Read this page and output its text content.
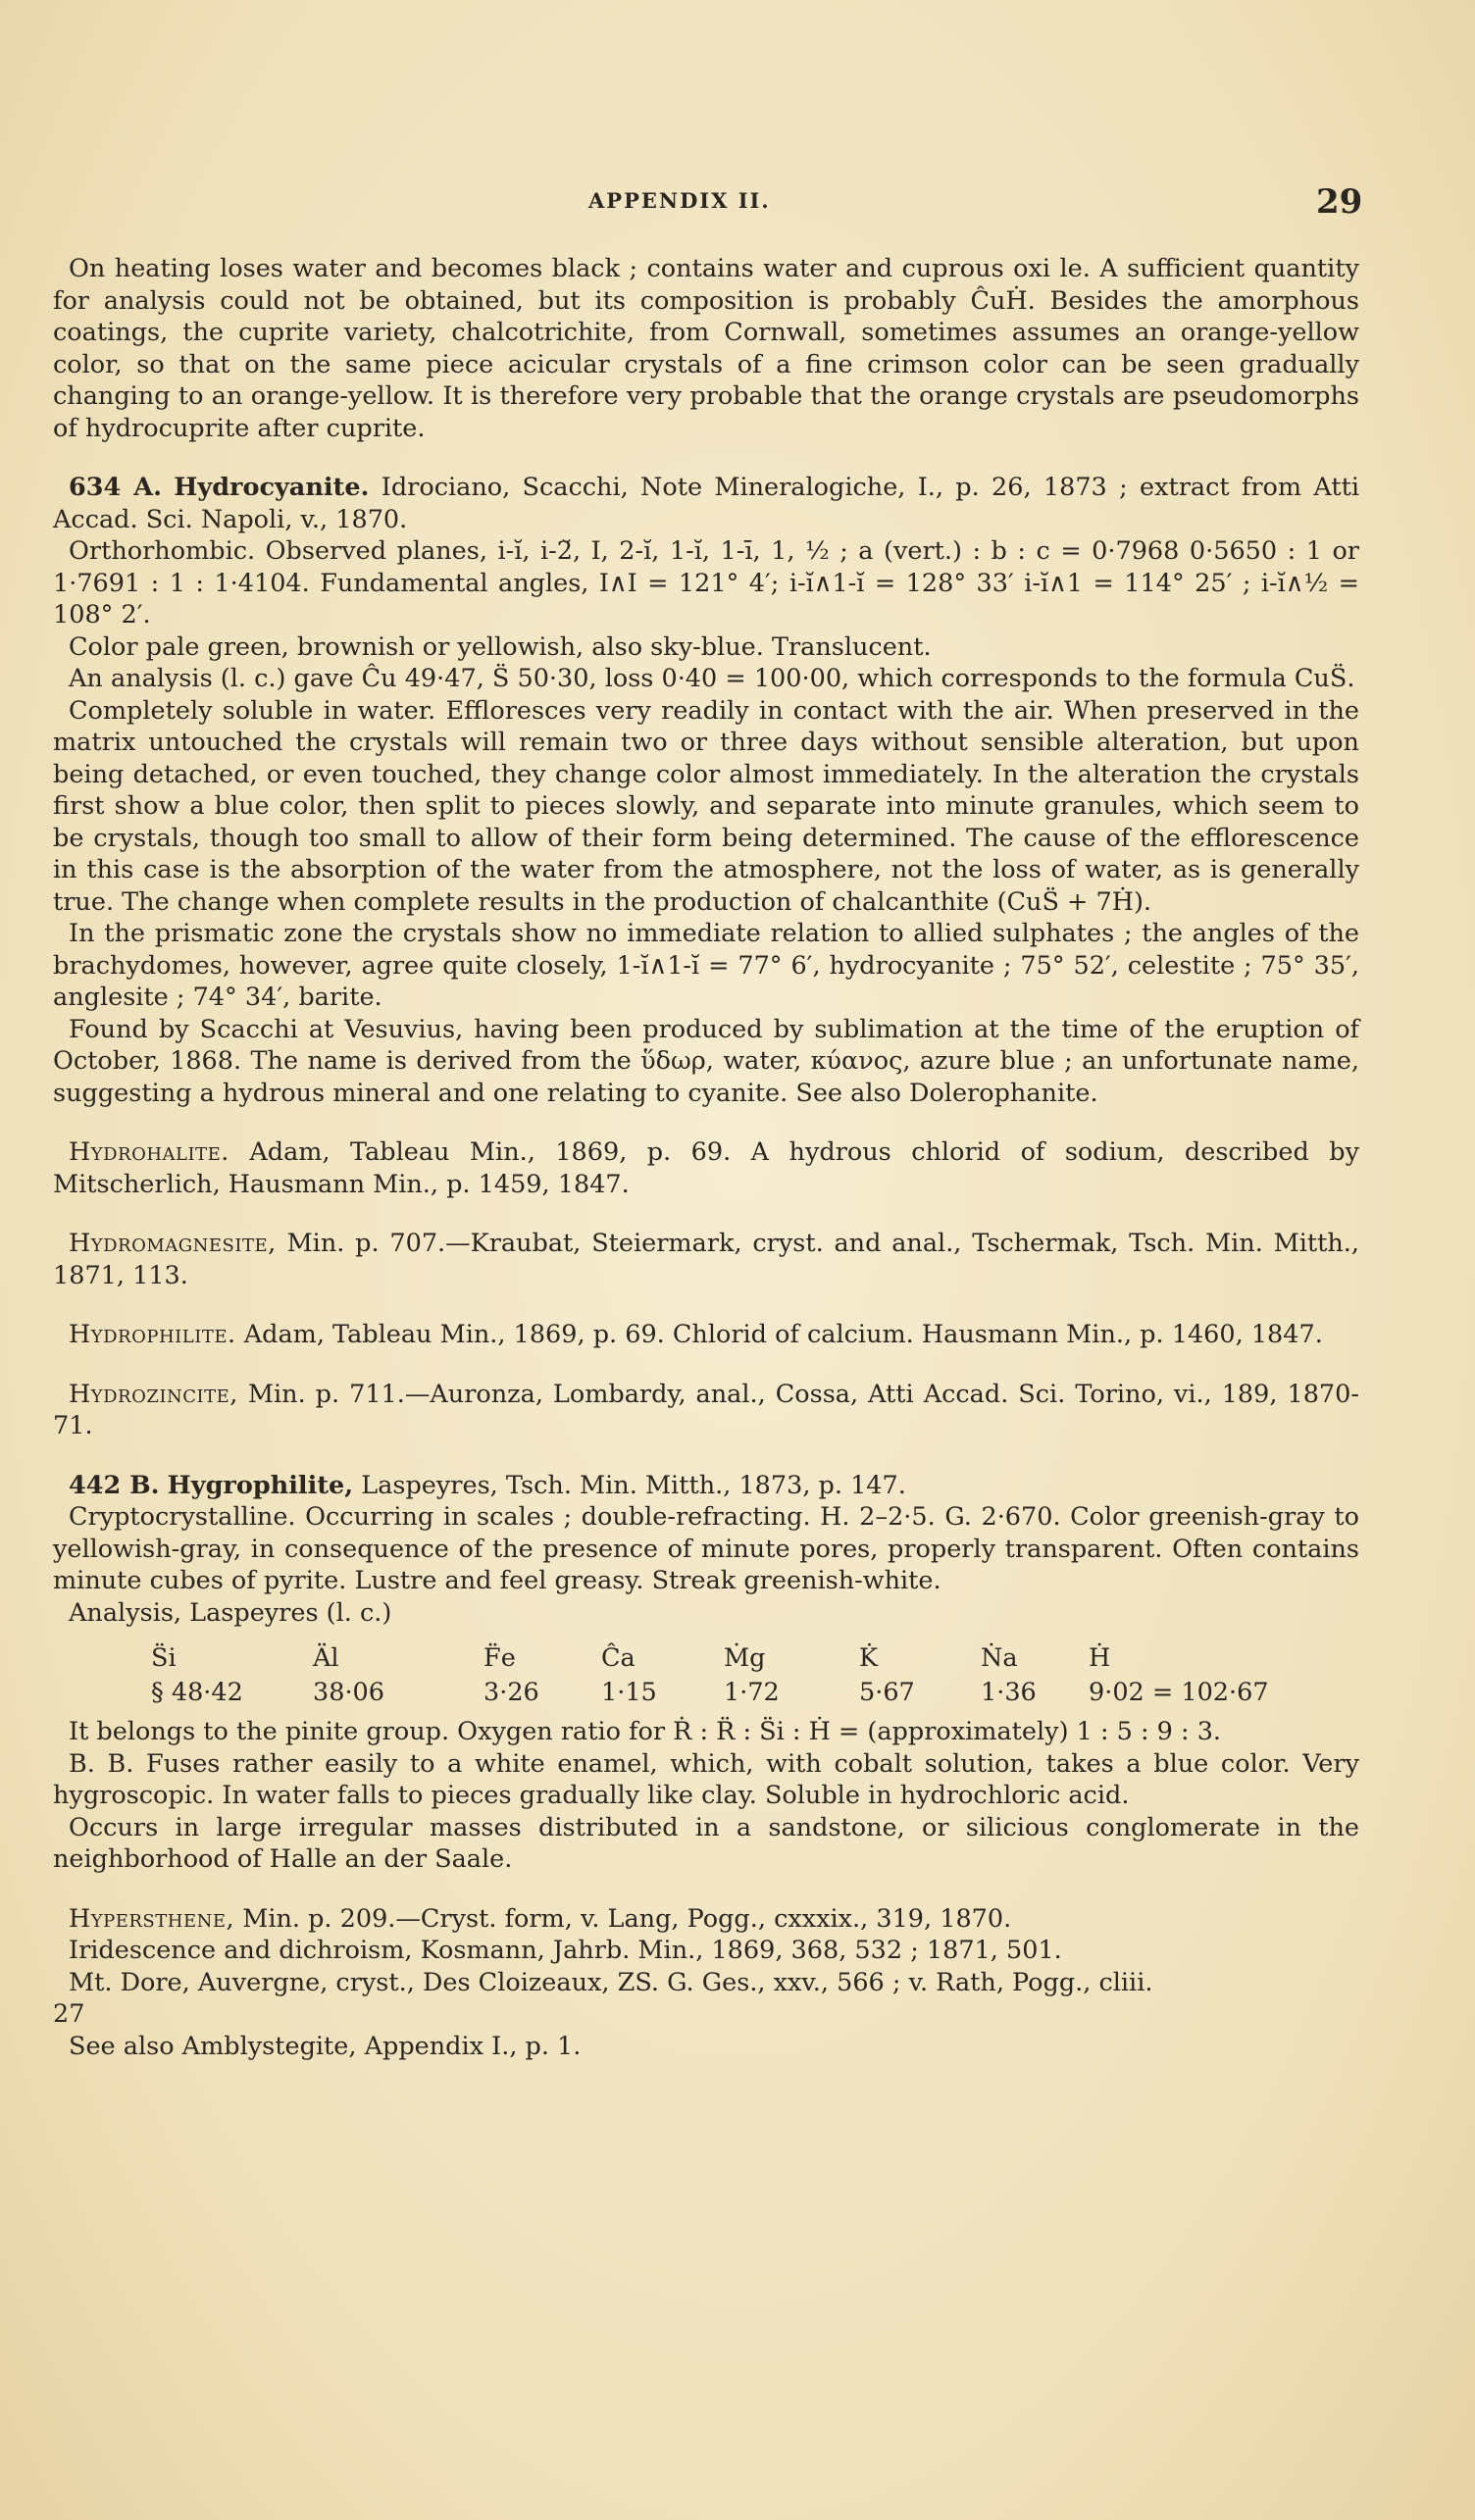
APPENDIX II.	29

On heating loses water and becomes black ; contains water and cuprous oxi le. A sufficient quantity for analysis could not be obtained, but its composition is probably ĈuḢ. Besides the amorphous coatings, the cuprite variety, chalcotrichite, from Cornwall, sometimes assumes an orange-yellow color, so that on the same piece acicular crystals of a fine crimson color can be seen gradually changing to an orange-yellow. It is therefore very probable that the orange crystals are pseudomorphs of hydrocuprite after cuprite.

634 A. Hydrocyanite. Idrociano, Scacchi, Note Mineralogiche, I., p. 26, 1873 ; extract from Atti Accad. Sci. Napoli, v., 1870.

Orthorhombic. Observed planes, i-ĭ, i-2̆, I, 2-ĭ, 1-ĭ, 1-ī, 1, ½ ; a (vert.) : b : c = 0·7968 0·5650 : 1 or 1·7691 : 1 : 1·4104. Fundamental angles, I∧I = 121° 4′; i-ĭ∧1-ĭ = 128° 33′ i-ĭ∧1 = 114° 25′ ; i-ĭ∧½ = 108° 2′.

Color pale green, brownish or yellowish, also sky-blue. Translucent.

An analysis (l. c.) gave Ĉu 49·47, S̈ 50·30, loss 0·40 = 100·00, which corresponds to the formula CuS̈.

Completely soluble in water. Effloresces very readily in contact with the air. When preserved in the matrix untouched the crystals will remain two or three days without sensible alteration, but upon being detached, or even touched, they change color almost immediately. In the alteration the crystals first show a blue color, then split to pieces slowly, and separate into minute granules, which seem to be crystals, though too small to allow of their form being determined. The cause of the efflorescence in this case is the absorption of the water from the atmosphere, not the loss of water, as is generally true. The change when complete results in the production of chalcanthite (CuS̈ + 7Ḣ).

In the prismatic zone the crystals show no immediate relation to allied sulphates ; the angles of the brachydomes, however, agree quite closely, 1-ĭ∧1-ĭ = 77° 6′, hydrocyanite ; 75° 52′, celestite ; 75° 35′, anglesite ; 74° 34′, barite.

Found by Scacchi at Vesuvius, having been produced by sublimation at the time of the eruption of October, 1868. The name is derived from the ὕδωρ, water, κύανος, azure blue ; an unfortunate name, suggesting a hydrous mineral and one relating to cyanite. See also Dolerophanite.

Hydrohalite. Adam, Tableau Min., 1869, p. 69. A hydrous chlorid of sodium, described by Mitscherlich, Hausmann Min., p. 1459, 1847.

Hydromagnesite, Min. p. 707.—Kraubat, Steiermark, cryst. and anal., Tschermak, Tsch. Min. Mitth., 1871, 113.

Hydrophilite. Adam, Tableau Min., 1869, p. 69. Chlorid of calcium. Hausmann Min., p. 1460, 1847.

Hydrozincite, Min. p. 711.—Auronza, Lombardy, anal., Cossa, Atti Accad. Sci. Torino, vi., 189, 1870-71.

442 B. Hygrophilite, Laspeyres, Tsch. Min. Mitth., 1873, p. 147.

Cryptocrystalline. Occurring in scales ; double-refracting. H. 2–2·5. G. 2·670. Color greenish-gray to yellowish-gray, in consequence of the presence of minute pores, properly transparent. Often contains minute cubes of pyrite. Lustre and feel greasy. Streak greenish-white.

Analysis, Laspeyres (l. c.)

S̈i	Äl	F̈e	Ĉa	Ṁg	K̇	Ṅa	Ḣ
§ 48·42	38·06	3·26	1·15	1·72	5·67	1·36	9·02 = 102·67

It belongs to the pinite group. Oxygen ratio for Ṙ : R̈ : S̈i : Ḣ = (approximately) 1 : 5 : 9 : 3.

B. B. Fuses rather easily to a white enamel, which, with cobalt solution, takes a blue color. Very hygroscopic. In water falls to pieces gradually like clay. Soluble in hydrochloric acid.

Occurs in large irregular masses distributed in a sandstone, or silicious conglomerate in the neighborhood of Halle an der Saale.

Hypersthene, Min. p. 209.—Cryst. form, v. Lang, Pogg., cxxxix., 319, 1870.

Iridescence and dichroism, Kosmann, Jahrb. Min., 1869, 368, 532 ; 1871, 501.

Mt. Dore, Auvergne, cryst., Des Cloizeaux, ZS. G. Ges., xxv., 566 ; v. Rath, Pogg., cliii.

27

See also Amblystegite, Appendix I., p. 1.
